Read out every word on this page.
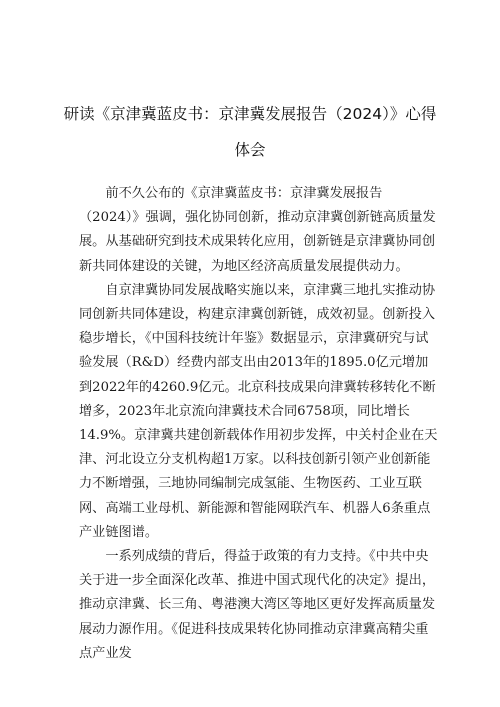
研读《京津冀蓝皮书：京津冀发展报告（2024）》心得
体会

前不久公布的《京津冀蓝皮书：京津冀发展报告（2024）》强调，强化协同创新，推动京津冀创新链高质量发展。从基础研究到技术成果转化应用，创新链是京津冀协同创新共同体建设的关键，为地区经济高质量发展提供动力。

自京津冀协同发展战略实施以来，京津冀三地扎实推动协同创新共同体建设，构建京津冀创新链，成效初显。创新投入稳步增长，《中国科技统计年鉴》数据显示，京津冀研究与试验发展（R&D）经费内部支出由2013年的1895.0亿元增加到2022年的4260.9亿元。北京科技成果向津冀转移转化不断增多，2023年北京流向津冀技术合同6758项，同比增长14.9%。京津冀共建创新载体作用初步发挥，中关村企业在天津、河北设立分支机构超1万家。以科技创新引领产业创新能力不断增强，三地协同编制完成氢能、生物医药、工业互联网、高端工业母机、新能源和智能网联汽车、机器人6条重点产业链图谱。

一系列成绩的背后，得益于政策的有力支持。《中共中央关于进一步全面深化改革、推进中国式现代化的决定》提出，推动京津冀、长三角、粤港澳大湾区等地区更好发挥高质量发展动力源作用。《促进科技成果转化协同推动京津冀高精尖重点产业发
